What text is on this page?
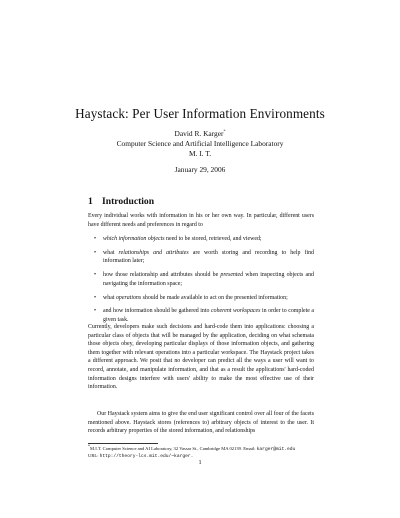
Haystack: Per User Information Environments
David R. Karger*
Computer Science and Artificial Intelligence Laboratory
M. I. T.
January 29, 2006
1 Introduction
Every individual works with information in his or her own way. In particular, different users have different needs and preferences in regard to
• which information objects need to be stored, retrieved, and viewed;
• what relationships and attributes are worth storing and recording to help find information later;
• how those relationship and attributes should be presented when inspecting objects and navigating the information space;
• what operations should be made available to act on the presented information;
• and how information should be gathered into coherent workspaces in order to complete a given task.
Currently, developers make such decisions and hard-code them into applications: choosing a particular class of objects that will be managed by the application, deciding on what schemata those objects obey, developing particular displays of those information objects, and gathering them together with relevant operations into a particular workspace. The Haystack project takes a different approach. We posit that no developer can predict all the ways a user will want to record, annotate, and manipulate information, and that as a result the applications' hard-coded information designs interfere with users' ability to make the most effective use of their information.
Our Haystack system aims to give the end user significant control over all four of the facets mentioned above. Haystack stores (references to) arbitrary objects of interest to the user. It records arbitrary properties of the stored information, and relationships
*M.I.T. Computer Science and AI Laboratory, 32 Vassar St., Cambridge MA 02139. Email: karger@mit.edu
URL: http://theory-lcs.mit.edu/~karger.
1
